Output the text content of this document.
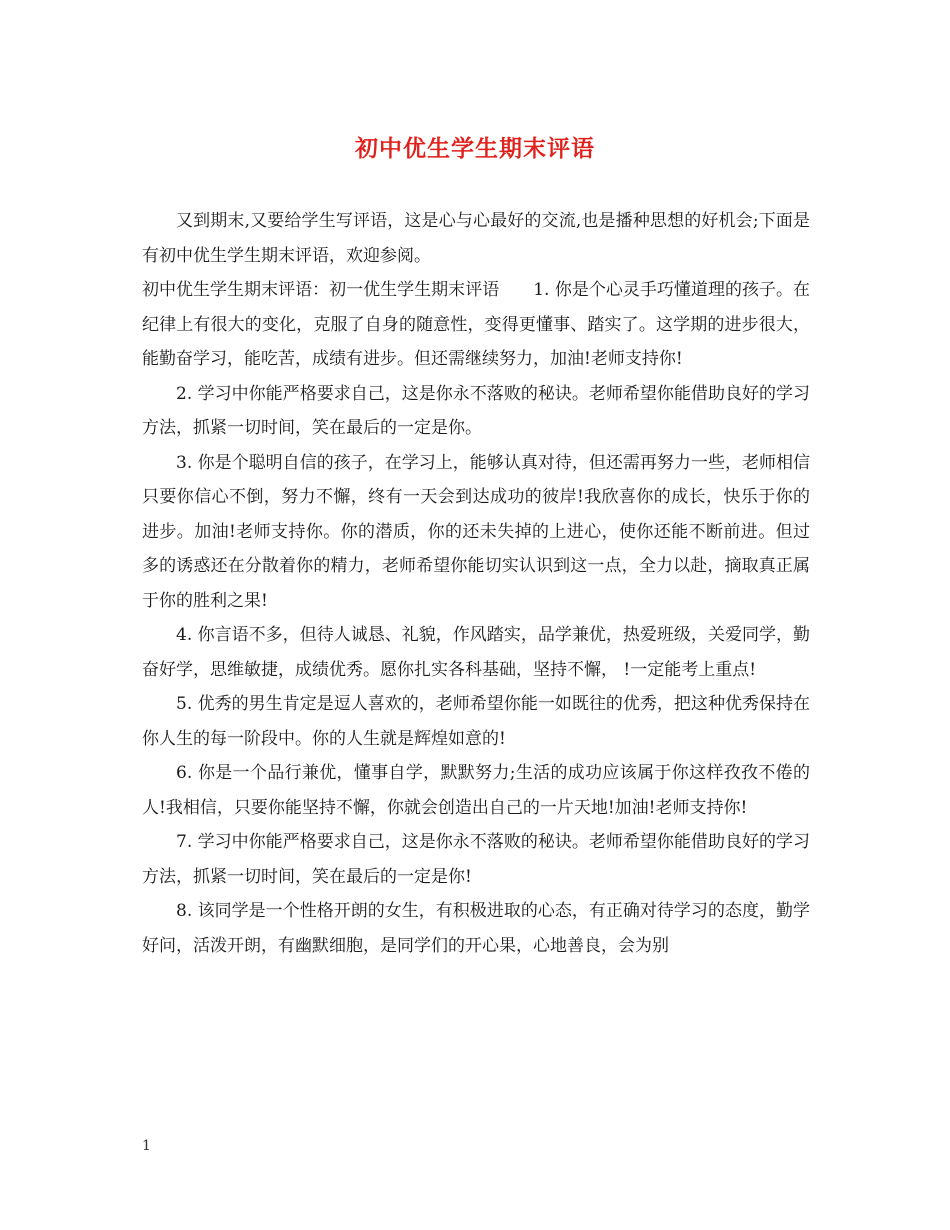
初中优生学生期末评语

又到期末,又要给学生写评语，这是心与心最好的交流,也是播种思想的好机会;下面是有初中优生学生期末评语，欢迎参阅。

初中优生学生期末评语：初一优生学生期末评语 1. 你是个心灵手巧懂道理的孩子。在纪律上有很大的变化，克服了自身的随意性，变得更懂事、踏实了。这学期的进步很大，能勤奋学习，能吃苦，成绩有进步。但还需继续努力，加油!老师支持你!

2. 学习中你能严格要求自己，这是你永不落败的秘诀。老师希望你能借助良好的学习方法，抓紧一切时间，笑在最后的一定是你。

3. 你是个聪明自信的孩子，在学习上，能够认真对待，但还需再努力一些，老师相信只要你信心不倒，努力不懈，终有一天会到达成功的彼岸!我欣喜你的成长，快乐于你的进步。加油!老师支持你。你的潜质，你的还未失掉的上进心，使你还能不断前进。但过多的诱惑还在分散着你的精力，老师希望你能切实认识到这一点，全力以赴，摘取真正属于你的胜利之果!

4. 你言语不多，但待人诚恳、礼貌，作风踏实，品学兼优，热爱班级，关爱同学，勤奋好学，思维敏捷，成绩优秀。愿你扎实各科基础，坚持不懈， !一定能考上重点!

5. 优秀的男生肯定是逗人喜欢的，老师希望你能一如既往的优秀，把这种优秀保持在你人生的每一阶段中。你的人生就是辉煌如意的!

6. 你是一个品行兼优，懂事自学，默默努力;生活的成功应该属于你这样孜孜不倦的人!我相信，只要你能坚持不懈，你就会创造出自己的一片天地!加油!老师支持你!

7. 学习中你能严格要求自己，这是你永不落败的秘诀。老师希望你能借助良好的学习方法，抓紧一切时间，笑在最后的一定是你!

8. 该同学是一个性格开朗的女生，有积极进取的心态，有正确对待学习的态度，勤学好问，活泼开朗，有幽默细胞，是同学们的开心果，心地善良，会为别

1
